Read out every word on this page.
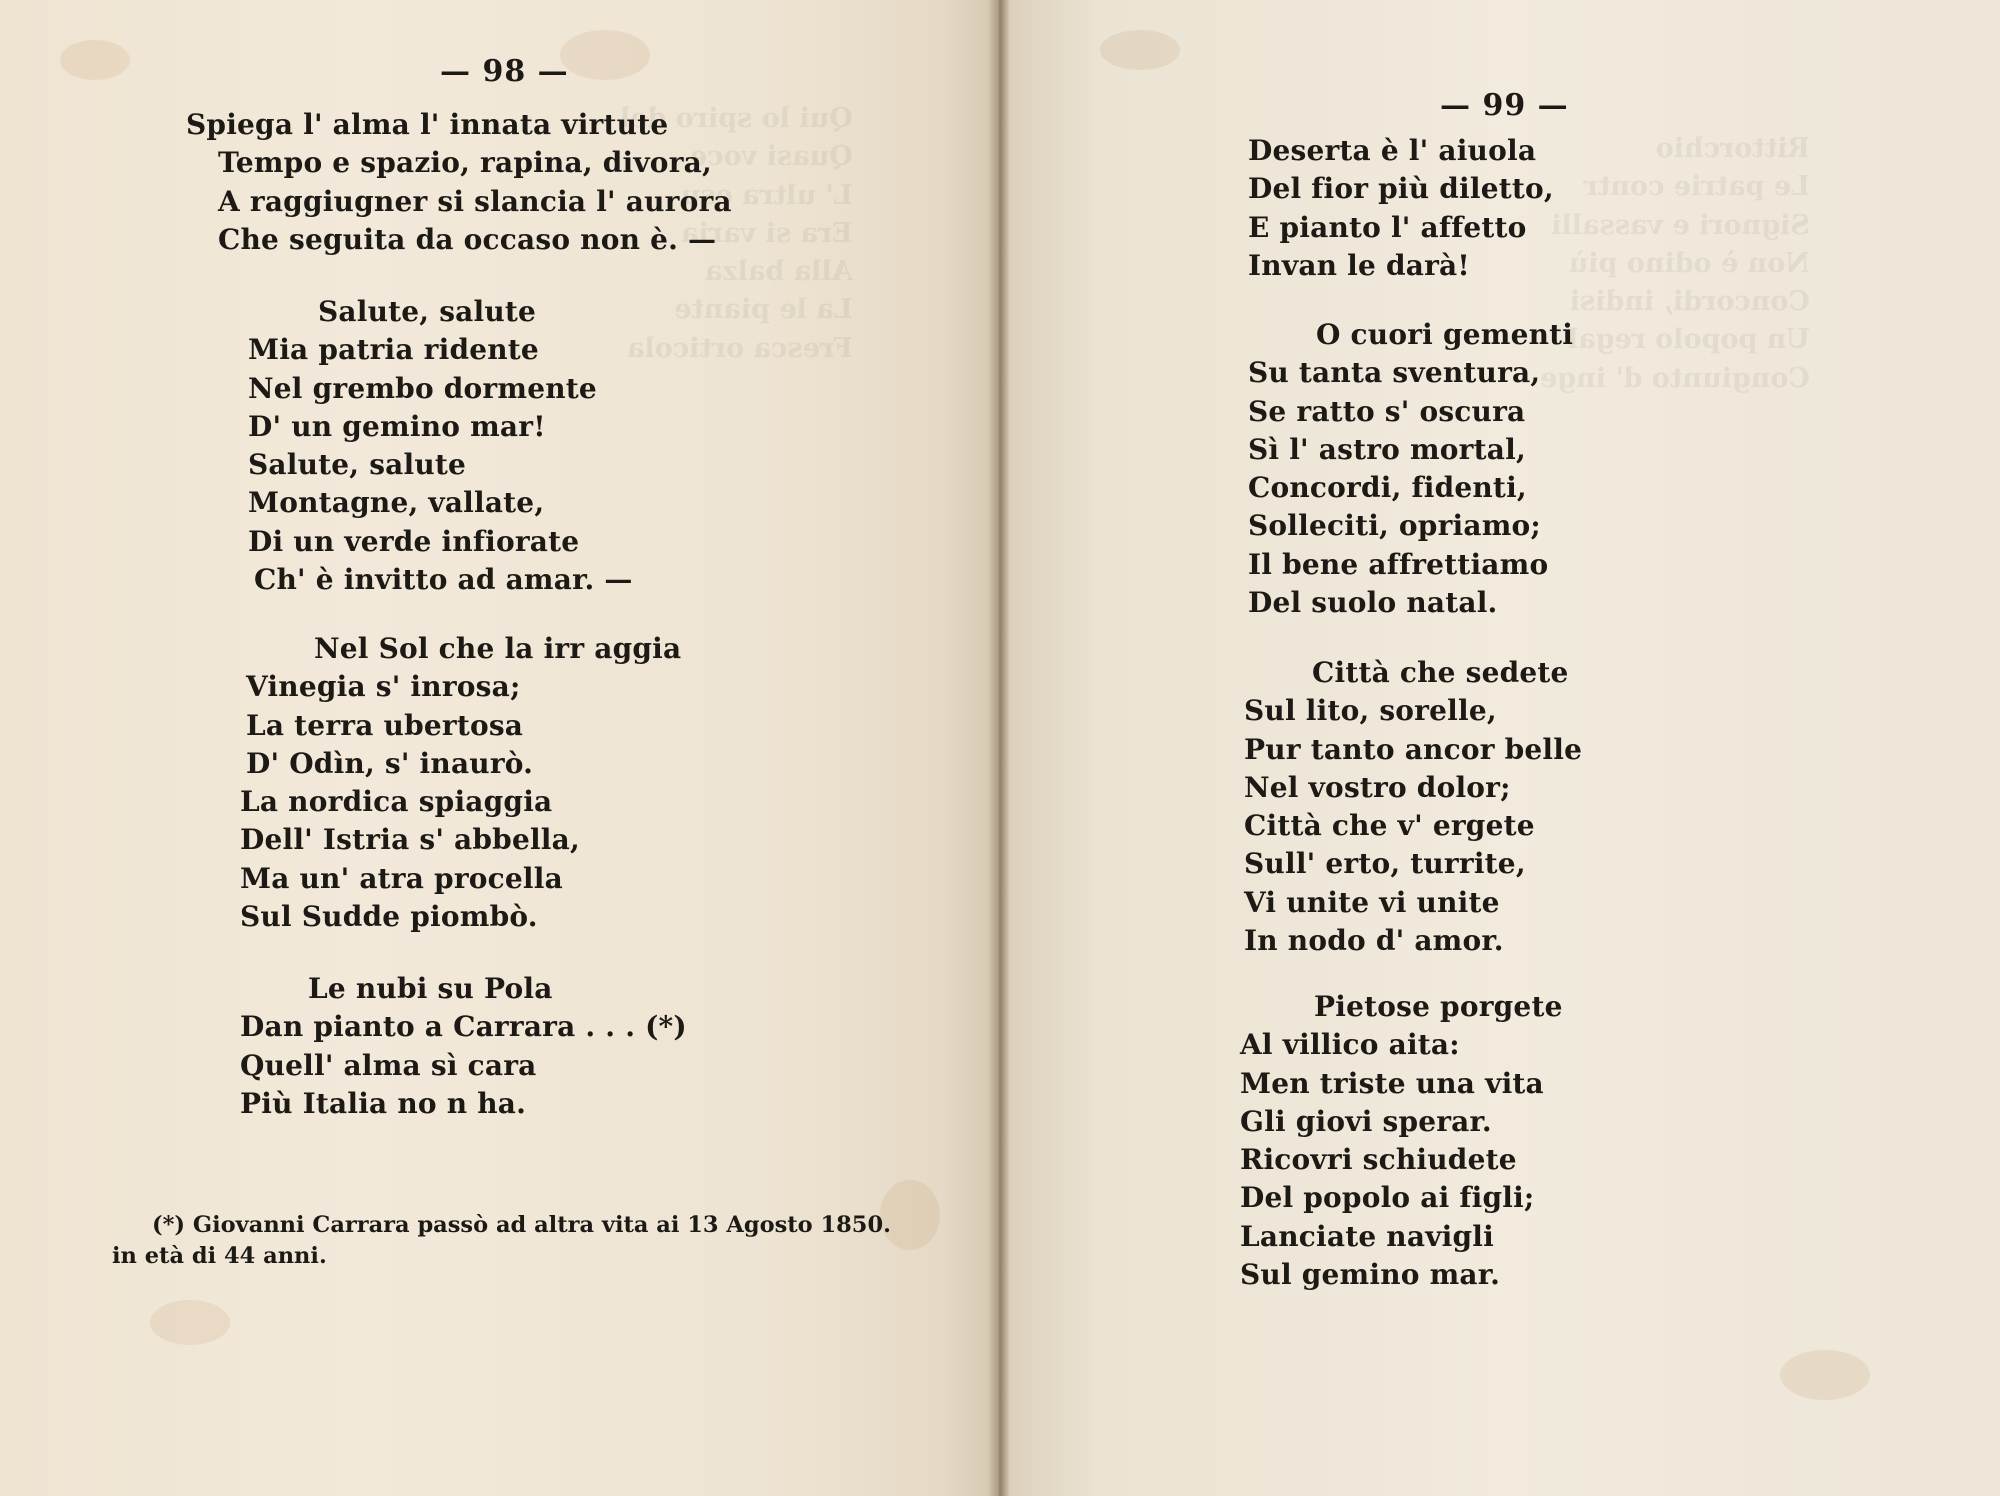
Qui lo spiro del
Quasi voce
L' ultra esu
Era si varia
Alla balza
La le piante
Fresca orticola
Rittorchio
Le patrie contr
Signori e vassalli
Non è odino più
Concordi, indisi
Un popolo regal
Congiunto d' inge
— 98 —
Spiega l' alma l' innata virtute
Tempo e spazio, rapina, divora,
A raggiugner si slancia l' aurora
Che seguita da occaso non è. —
Salute, salute
Mia patria ridente
Nel grembo dormente
D' un gemino mar!
Salute, salute
Montagne, vallate,
Di un verde infiorate
Ch' è invitto ad amar. —
Nel Sol che la irr aggia
Vinegia s' inrosa;
La terra ubertosa
D' Odìn, s' inaurò.
La nordica spiaggia
Dell' Istria s' abbella,
Ma un' atra procella
Sul Sudde piombò.
Le nubi su Pola
Dan pianto a Carrara . . . (*)
Quell' alma sì cara
Più Italia no n ha.
(*) Giovanni Carrara passò ad altra vita ai 13 Agosto 1850.
in età di 44 anni.
— 99 —
Deserta è l' aiuola
Del fior più diletto,
E pianto l' affetto
Invan le darà!
O cuori gementi
Su tanta sventura,
Se ratto s' oscura
Sì l' astro mortal,
Concordi, fidenti,
Solleciti, opriamo;
Il bene affrettiamo
Del suolo natal.
Città che sedete
Sul lito, sorelle,
Pur tanto ancor belle
Nel vostro dolor;
Città che v' ergete
Sull' erto, turrite,
Vi unite vi unite
In nodo d' amor.
Pietose porgete
Al villico aita:
Men triste una vita
Gli giovi sperar.
Ricovri schiudete
Del popolo ai figli;
Lanciate navigli
Sul gemino mar.
